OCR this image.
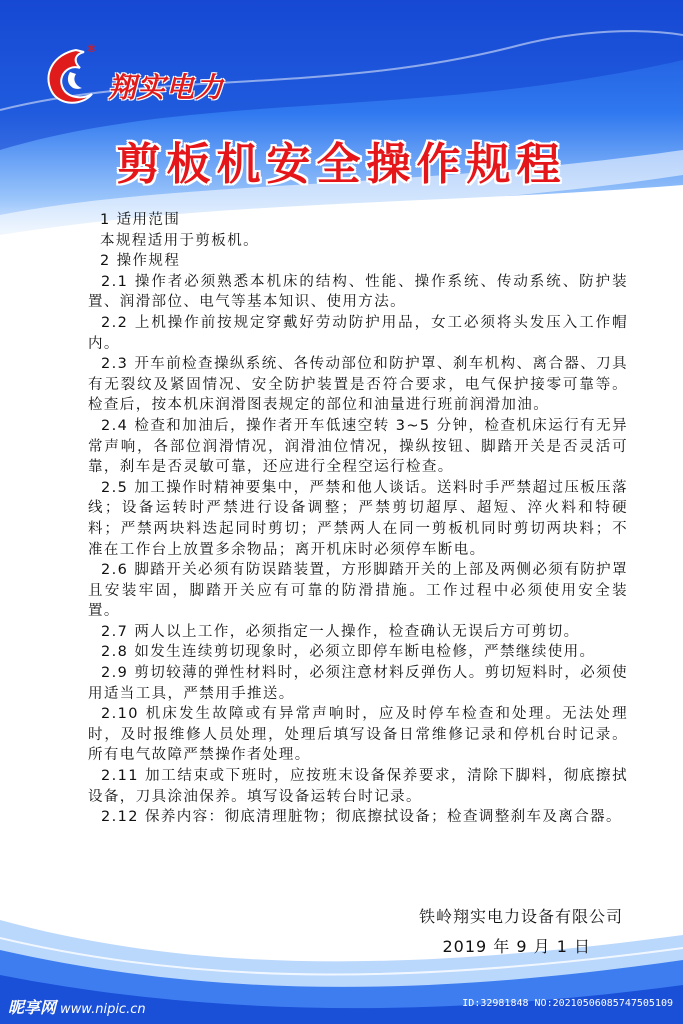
®
翔实电力
剪板机安全操作规程

1 适用范围

本规程适用于剪板机。

2 操作规程

2.1 操作者必须熟悉本机床的结构、性能、操作系统、传动系统、防护装置、润滑部位、电气等基本知识、使用方法。

2.2 上机操作前按规定穿戴好劳动防护用品，女工必须将头发压入工作帽内。

2.3 开车前检查操纵系统、各传动部位和防护罩、刹车机构、离合器、刀具有无裂纹及紧固情况、安全防护装置是否符合要求，电气保护接零可靠等。检查后，按本机床润滑图表规定的部位和油量进行班前润滑加油。

2.4 检查和加油后，操作者开车低速空转 3~5 分钟，检查机床运行有无异常声响，各部位润滑情况，润滑油位情况，操纵按钮、脚踏开关是否灵活可靠，刹车是否灵敏可靠，还应进行全程空运行检查。

2.5 加工操作时精神要集中，严禁和他人谈话。送料时手严禁超过压板压落线；设备运转时严禁进行设备调整；严禁剪切超厚、超短、淬火料和特硬料；严禁两块料迭起同时剪切；严禁两人在同一剪板机同时剪切两块料；不准在工作台上放置多余物品；离开机床时必须停车断电。

2.6 脚踏开关必须有防误踏装置，方形脚踏开关的上部及两侧必须有防护罩且安装牢固，脚踏开关应有可靠的防滑措施。工作过程中必须使用安全装置。

2.7 两人以上工作，必须指定一人操作，检查确认无误后方可剪切。

2.8 如发生连续剪切现象时，必须立即停车断电检修，严禁继续使用。

2.9 剪切较薄的弹性材料时，必须注意材料反弹伤人。剪切短料时，必须使用适当工具，严禁用手推送。

2.10 机床发生故障或有异常声响时，应及时停车检查和处理。无法处理时，及时报维修人员处理，处理后填写设备日常维修记录和停机台时记录。所有电气故障严禁操作者处理。

2.11 加工结束或下班时，应按班末设备保养要求，清除下脚料，彻底擦拭设备，刀具涂油保养。填写设备运转台时记录。

2.12 保养内容：彻底清理脏物；彻底擦拭设备；检查调整刹车及离合器。

铁岭翔实电力设备有限公司
2019 年 9 月 1 日
昵享网 www.nipic.cn	ID:32981848 NO:20210506085747505109
